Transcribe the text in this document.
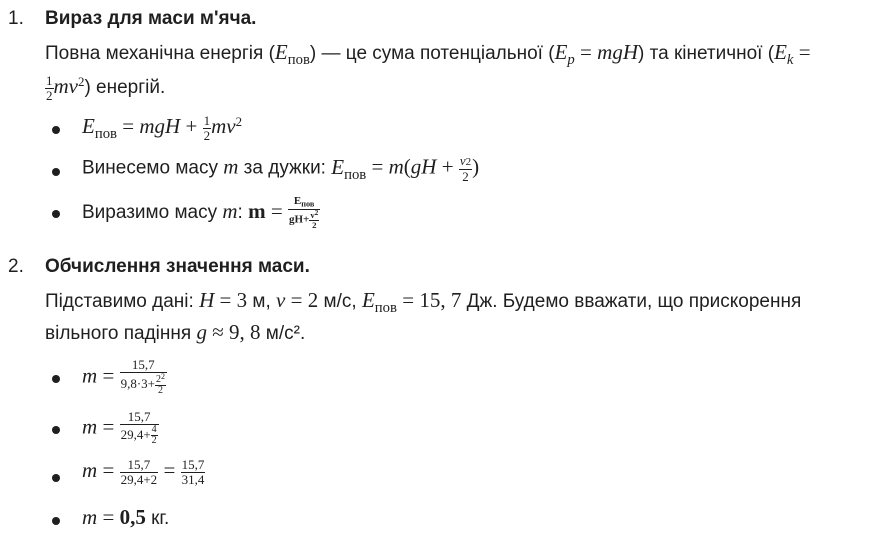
1. Вираз для маси м'яча.
Повна механічна енергія $(E_{пов})$ — це сума потенціальної $(E_p = mgH)$ та кінетичної ($E_k$ =
$\frac{1}{2} mv^2$) енергій.
$E_{пов}$ = mgH + $\frac{1}{2} mv^2$
Винесемо масу m за дужки: $E_{пов} = m(gH + \frac{v2}{2}$ )
Виразимо масу m: $m = \frac{E_{пов}}{gH+ \frac{v^2}{2}}$
2. Обчислення значення маси.
Підставимо дані: H = 3 м, v = 2 м/с, $E_{пов} = 15$, 7 Дж. Будемо вважати, що прискорення
вільного падіння g ≈ 9, 8 м/с².
$m = \frac{15,7}{9,8\cdot 3+ \frac{2^2}{2}}$
$m = \frac{15,7}{29,4+ \frac{4}{2}}$
$m = \frac{15,7}{29,4+2} = \frac{15,7}{31,4}$
m = 0,5 кг.
